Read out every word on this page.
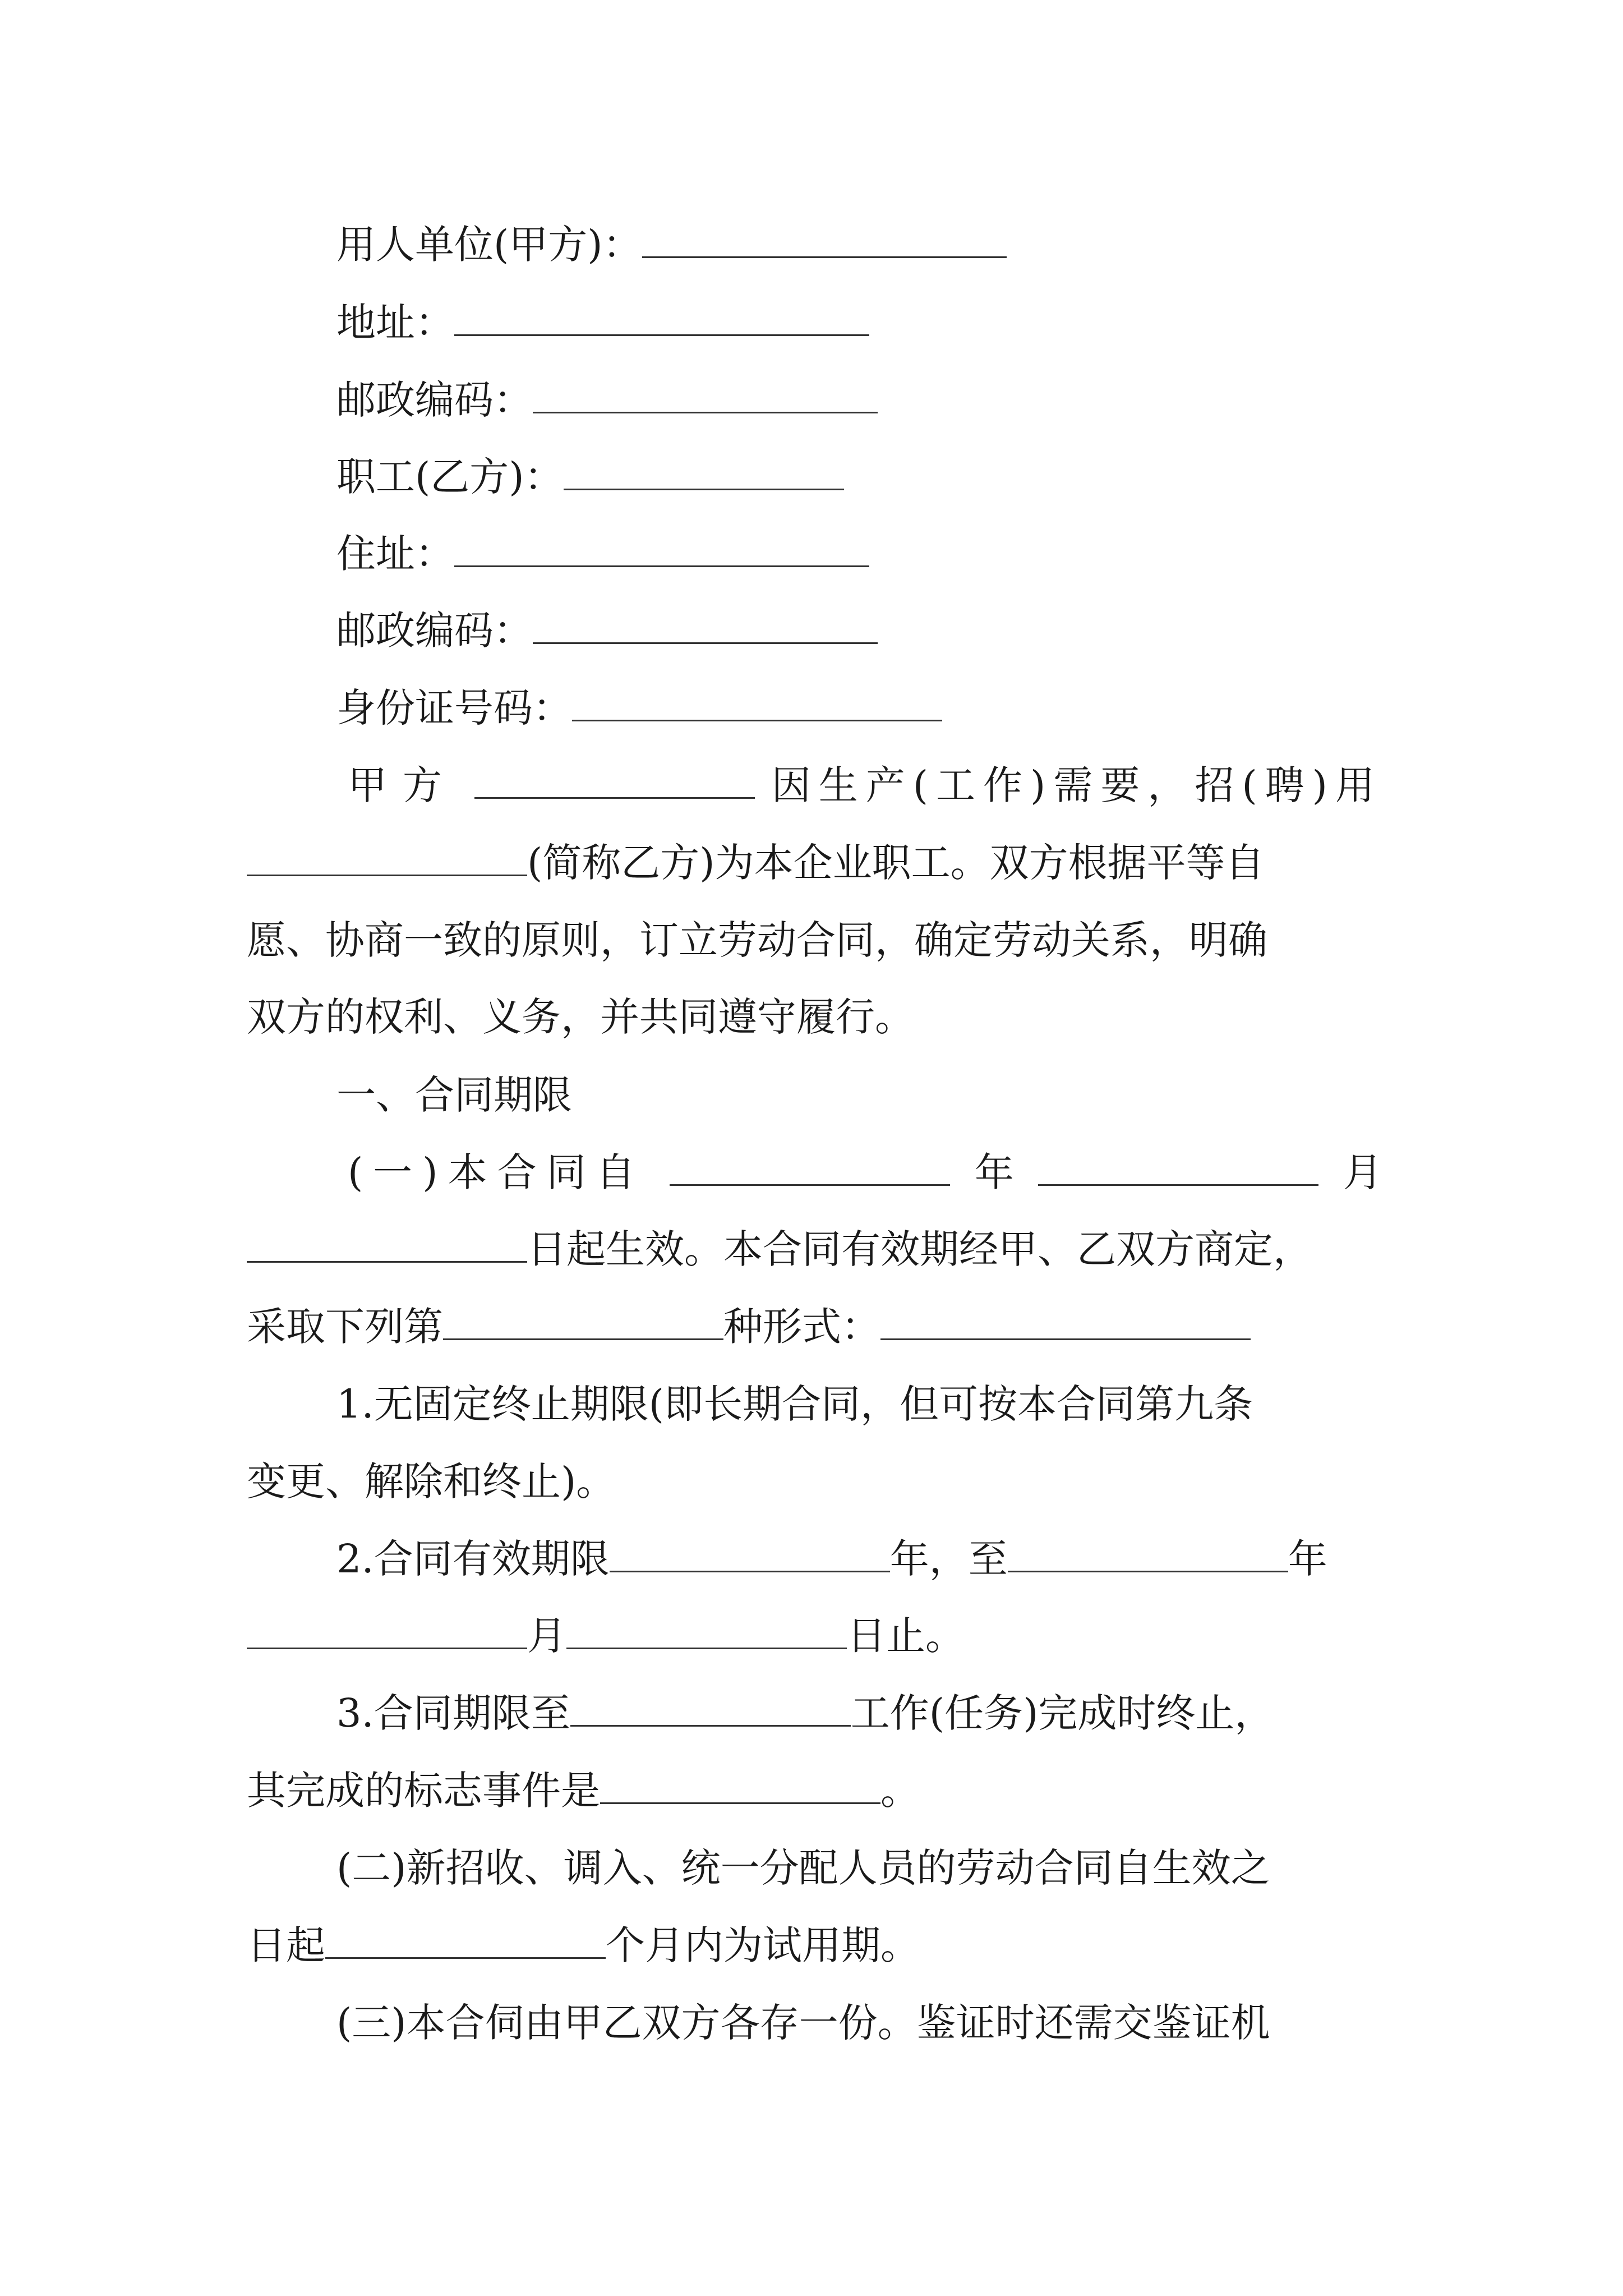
用人单位(甲方)：
地址：
邮政编码：
职工(乙方)：
住址：
邮政编码：
身份证号码：
甲方	因生产(工作)需要，招(聘)用
(简称乙方)为本企业职工。双方根据平等自
愿、协商一致的原则，订立劳动合同，确定劳动关系，明确
双方的权利、义务，并共同遵守履行。
一、合同期限
(一)本合同自	年	月
日起生效。本合同有效期经甲、乙双方商定，
采取下列第	种形式：
1.无固定终止期限(即长期合同，但可按本合同第九条
变更、解除和终止)。
2.合同有效期限	年，至	年
月	日止。
3.合同期限至	工作(任务)完成时终止，
其完成的标志事件是	。
(二)新招收、调入、统一分配人员的劳动合同自生效之
日起	个月内为试用期。
(三)本合伺由甲乙双方各存一份。鉴证时还需交鉴证机
